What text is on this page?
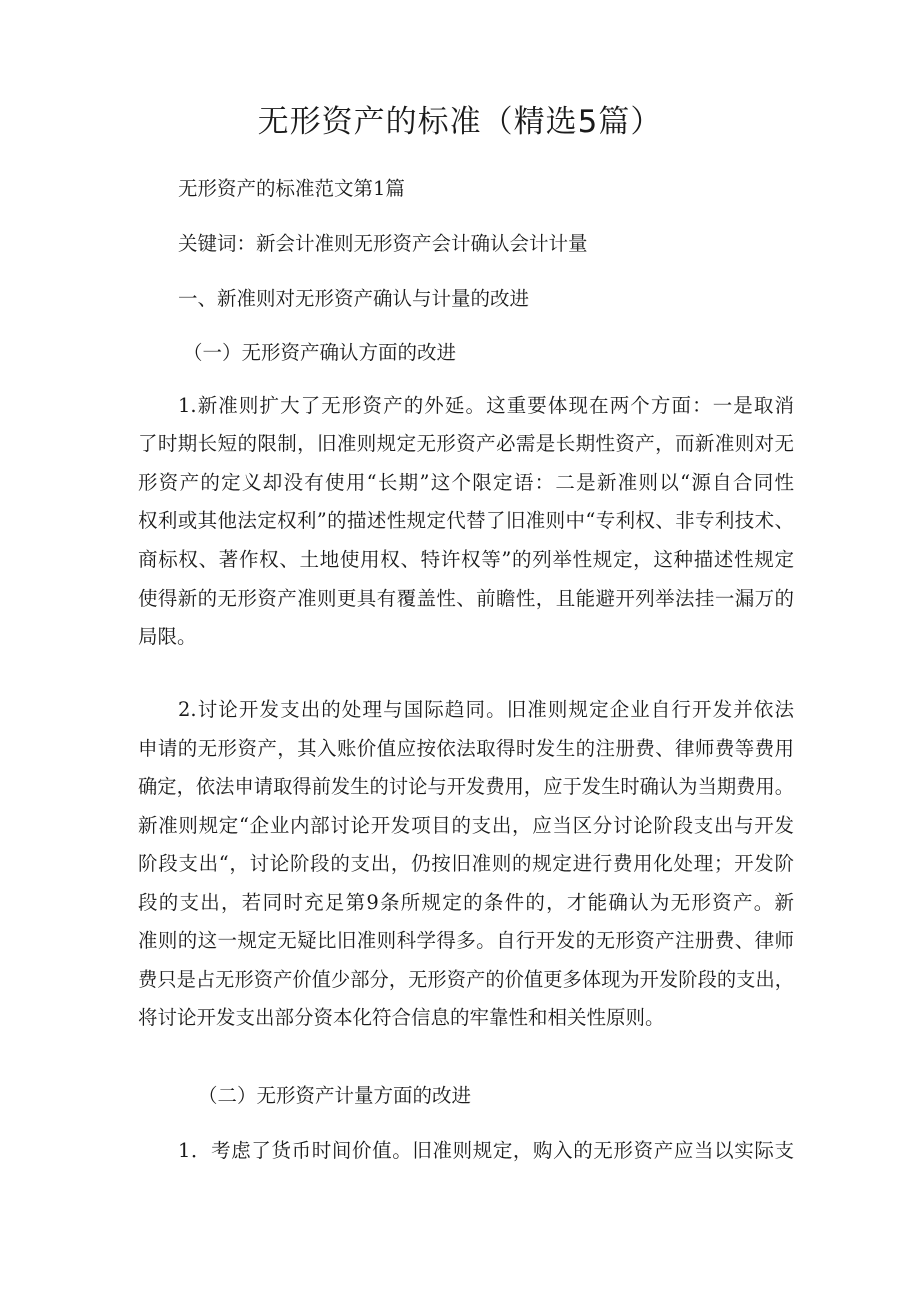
无形资产的标准（精选5篇）

无形资产的标准范文第1篇

关键词：新会计准则无形资产会计确认会计计量

一、新准则对无形资产确认与计量的改进

（一）无形资产确认方面的改进

1.新准则扩大了无形资产的外延。这重要体现在两个方面：一是取消

了时期长短的限制，旧准则规定无形资产必需是长期性资产，而新准则对无

形资产的定义却没有使用“长期”这个限定语：二是新准则以“源自合同性

权利或其他法定权利”的描述性规定代替了旧准则中“专利权、非专利技术、

商标权、著作权、土地使用权、特许权等”的列举性规定，这种描述性规定

使得新的无形资产准则更具有覆盖性、前瞻性，且能避开列举法挂一漏万的

局限。

2.讨论开发支出的处理与国际趋同。旧准则规定企业自行开发并依法

申请的无形资产，其入账价值应按依法取得时发生的注册费、律师费等费用

确定，依法申请取得前发生的讨论与开发费用，应于发生时确认为当期费用。

新准则规定“企业内部讨论开发项目的支出，应当区分讨论阶段支出与开发

阶段支出“，讨论阶段的支出，仍按旧准则的规定进行费用化处理；开发阶

段的支出，若同时充足第9条所规定的条件的，才能确认为无形资产。新

准则的这一规定无疑比旧准则科学得多。自行开发的无形资产注册费、律师

费只是占无形资产价值少部分，无形资产的价值更多体现为开发阶段的支出，

将讨论开发支出部分资本化符合信息的牢靠性和相关性原则。

（二）无形资产计量方面的改进

1．考虑了货币时间价值。旧准则规定，购入的无形资产应当以实际支
